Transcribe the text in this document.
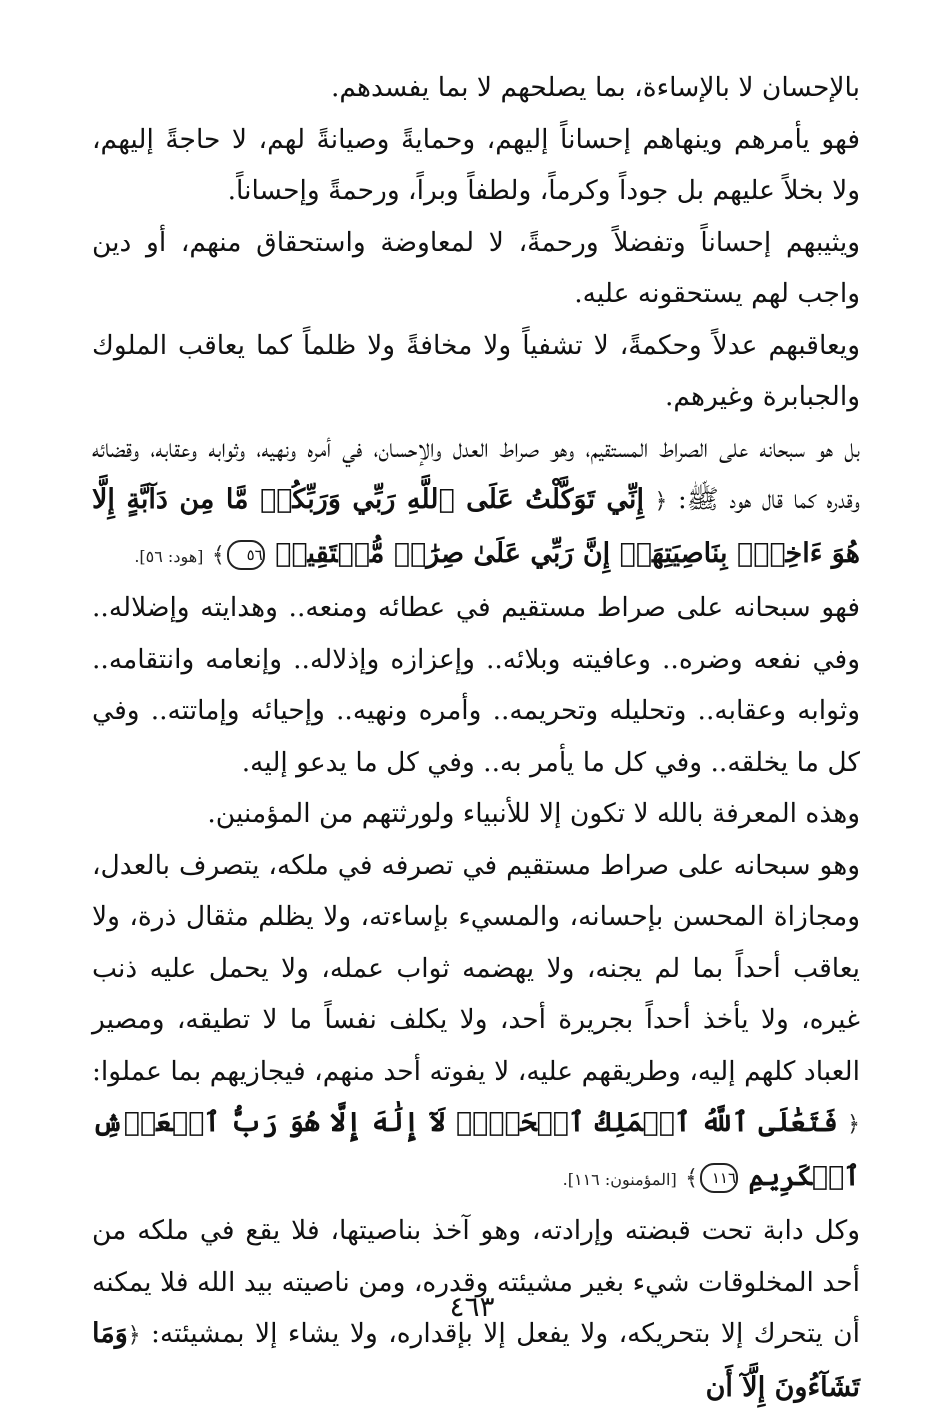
بالإحسان لا بالإساءة، بما يصلحهم لا بما يفسدهم.

فهو يأمرهم وينهاهم إحساناً إليهم، وحمايةً وصيانةً لهم، لا حاجةً إليهم، ولا بخلاً عليهم بل جوداً وكرماً، ولطفاً وبراً، ورحمةً وإحساناً.

ويثيبهم إحساناً وتفضلاً ورحمةً، لا لمعاوضة واستحقاق منهم، أو دين واجب لهم يستحقونه عليه.

ويعاقبهم عدلاً وحكمةً، لا تشفياً ولا مخافةً ولا ظلماً كما يعاقب الملوك والجبابرة وغيرهم.

بل هو سبحانه على الصراط المستقيم، وهو صراط العدل والإحسان، في أمره ونهيه، وثوابه وعقابه، وقضائه وقدره كما قال هود ﷺ: ﴿ إِنِّي تَوَكَّلْتُ عَلَى ٱللَّهِ رَبِّي وَرَبِّكُمۚ مَّا مِن دَآبَّةٍ إِلَّا هُوَ ءَاخِذُۢ بِنَاصِيَتِهَآۚ إِنَّ رَبِّي عَلَىٰ صِرَٰطٖ مُّسۡتَقِيمٖ ٥٦﴾ [هود: ٥٦].

فهو سبحانه على صراط مستقيم في عطائه ومنعه.. وهدايته وإضلاله.. وفي نفعه وضره.. وعافيته وبلائه.. وإعزازه وإذلاله.. وإنعامه وانتقامه.. وثوابه وعقابه.. وتحليله وتحريمه.. وأمره ونهيه.. وإحيائه وإماتته.. وفي كل ما يخلقه.. وفي كل ما يأمر به.. وفي كل ما يدعو إليه.

وهذه المعرفة بالله لا تكون إلا للأنبياء ولورثتهم من المؤمنين.

وهو سبحانه على صراط مستقيم في تصرفه في ملكه، يتصرف بالعدل، ومجازاة المحسن بإحسانه، والمسيء بإساءته، ولا يظلم مثقال ذرة، ولا يعاقب أحداً بما لم يجنه، ولا يهضمه ثواب عمله، ولا يحمل عليه ذنب غيره، ولا يأخذ أحداً بجريرة أحد، ولا يكلف نفساً ما لا تطيقه، ومصير العباد كلهم إليه، وطريقهم عليه، لا يفوته أحد منهم، فيجازيهم بما عملوا: ﴿ فَتَعَٰلَى ٱللَّهُ ٱلۡمَلِكُ ٱلۡحَقُّۖ لَآ إِلَٰهَ إِلَّا هُوَ رَبُّ ٱلۡعَرۡشِ ٱلۡكَرِيمِ ١١٦﴾ [المؤمنون: ١١٦].

وكل دابة تحت قبضته وإرادته، وهو آخذ بناصيتها، فلا يقع في ملكه من أحد المخلوقات شيء بغير مشيئته وقدره، ومن ناصيته بيد الله فلا يمكنه أن يتحرك إلا بتحريكه، ولا يفعل إلا بإقداره، ولا يشاء إلا بمشيئته: ﴿وَمَا تَشَآءُونَ إِلَّآ أَن

٤٦٣
